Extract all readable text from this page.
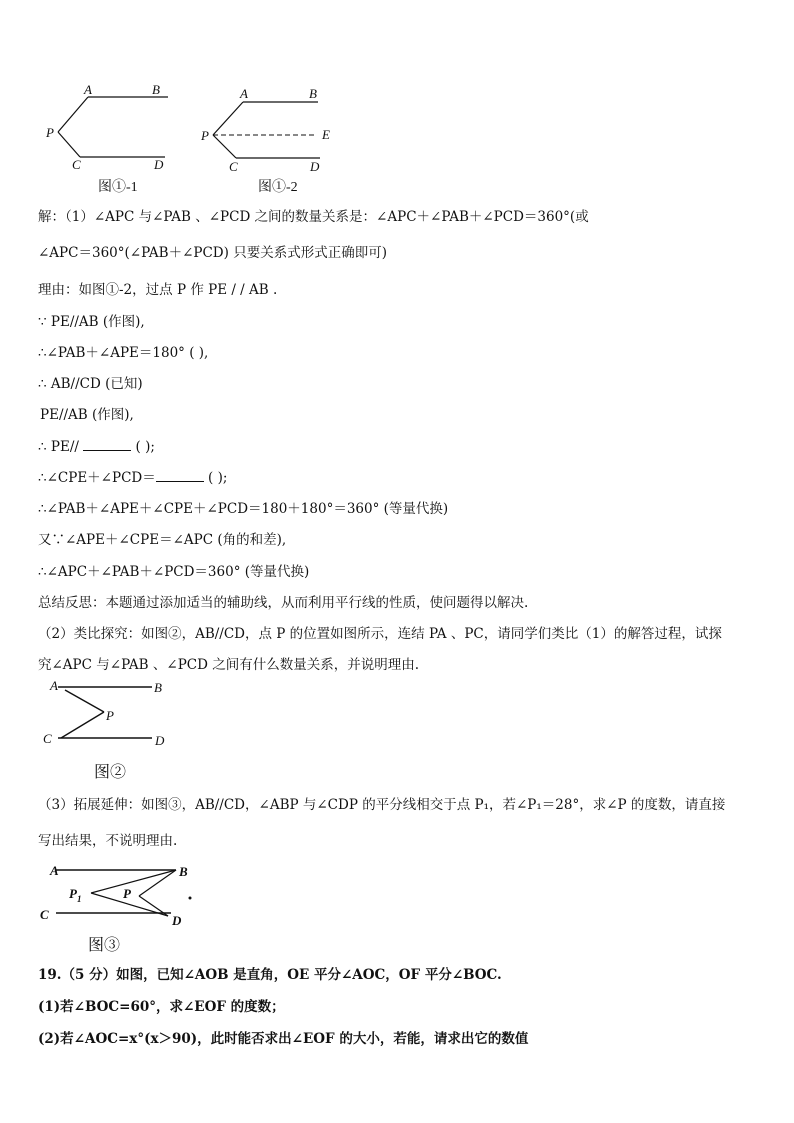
A	B
P
C	D
图①-1
A	B
P	E
C	D
图①-2
解：（1）∠APC 与∠PAB 、∠PCD 之间的数量关系是：∠APC＋∠PAB＋∠PCD＝360°(或
∠APC＝360°(∠PAB＋∠PCD) 只要关系式形式正确即可)
理由：如图①-2，过点 P 作 PE / / AB .
∵ PE//AB (作图),
∴∠PAB＋∠APE＝180° ( ),
∴ AB//CD (已知)
PE//AB (作图),
∴ PE//	( );
∴∠CPE＋∠PCD＝	( );
∴∠PAB＋∠APE＋∠CPE＋∠PCD＝180＋180°＝360° (等量代换)
又∵∠APE＋∠CPE＝∠APC (角的和差),
∴∠APC＋∠PAB＋∠PCD＝360° (等量代换)
总结反思：本题通过添加适当的辅助线，从而利用平行线的性质，使问题得以解决.
（2）类比探究：如图②，AB//CD，点 P 的位置如图所示，连结 PA 、PC，请同学们类比（1）的解答过程，试探
究∠APC 与∠PAB 、∠PCD 之间有什么数量关系，并说明理由.
A	B
P
C	D
图②
（3）拓展延伸：如图③，AB//CD，∠ABP 与∠CDP 的平分线相交于点 P₁，若∠P₁＝28°，求∠P 的度数，请直接
写出结果，不说明理由.
A	B
$P_1$	P
C	D
图③
19.（5 分）如图，已知∠AOB 是直角，OE 平分∠AOC，OF 平分∠BOC.
(1)若∠BOC=60°，求∠EOF 的度数；
(2)若∠AOC=x°(x＞90)，此时能否求出∠EOF 的大小，若能，请求出它的数值
